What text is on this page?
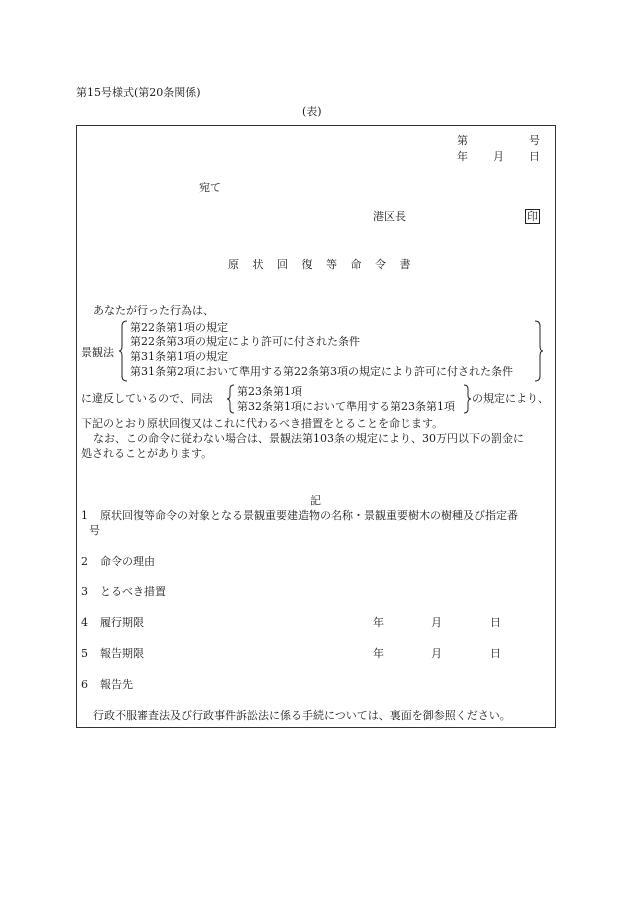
第15号様式(第20条関係)
(表)
第	号
年 月 日
宛て
港区長	印
原 状 回 復 等 命 令 書
あなたが行った行為は、
景観法
第22条第1項の規定
第22条第3項の規定により許可に付された条件
第31条第1項の規定
第31条第2項において準用する第22条第3項の規定により許可に付された条件
に違反しているので、同法
第23条第1項
第32条第1項において準用する第23条第1項
の規定により、
下記のとおり原状回復又はこれに代わるべき措置をとることを命じます。
なお、この命令に従わない場合は、景観法第103条の規定により、30万円以下の罰金に
処されることがあります。
記
1 原状回復等命令の対象となる景観重要建造物の名称・景観重要樹木の樹種及び指定番
号
2 命令の理由
3 とるべき措置
4 履行期限	年	月	日
5 報告期限	年	月	日
6 報告先
行政不服審査法及び行政事件訴訟法に係る手続については、裏面を御参照ください。
